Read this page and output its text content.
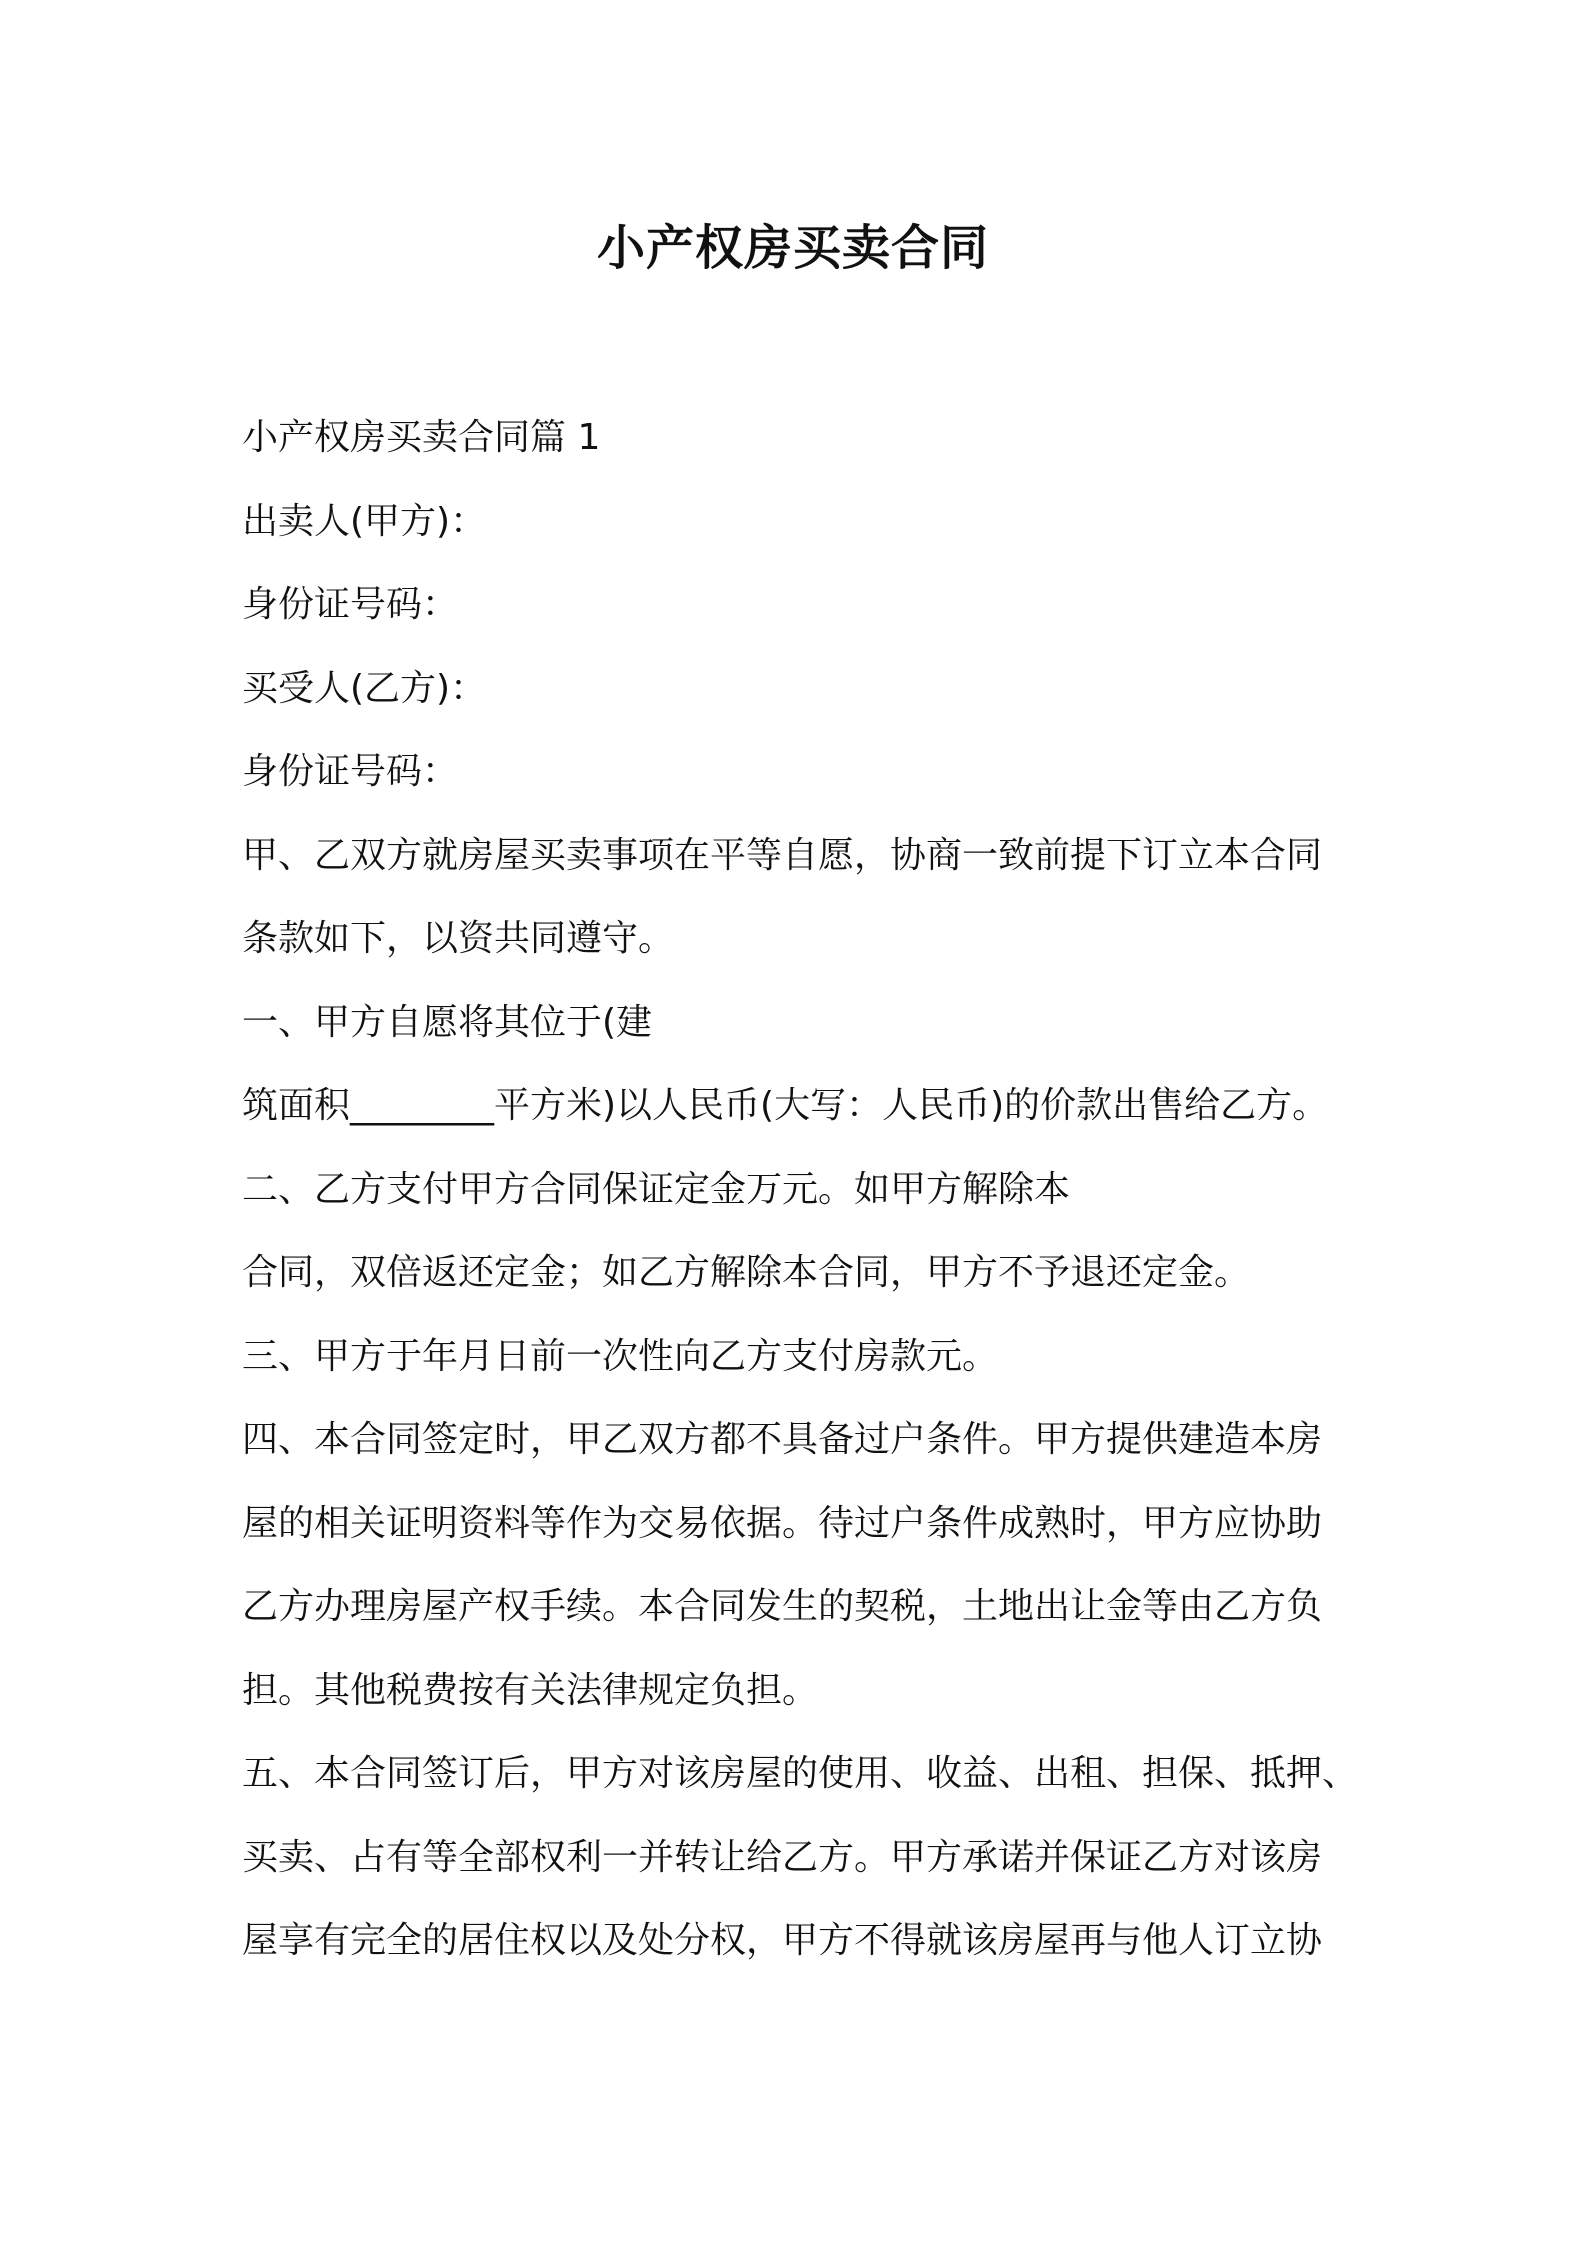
小产权房买卖合同

小产权房买卖合同篇 1

出卖人(甲方)：

身份证号码：

买受人(乙方)：

身份证号码：

甲、乙双方就房屋买卖事项在平等自愿，协商一致前提下订立本合同

条款如下，以资共同遵守。

一、甲方自愿将其位于(建

筑面积________平方米)以人民币(大写：人民币)的价款出售给乙方。

二、乙方支付甲方合同保证定金万元。如甲方解除本

合同，双倍返还定金；如乙方解除本合同，甲方不予退还定金。

三、甲方于年月日前一次性向乙方支付房款元。

四、本合同签定时，甲乙双方都不具备过户条件。甲方提供建造本房

屋的相关证明资料等作为交易依据。待过户条件成熟时，甲方应协助

乙方办理房屋产权手续。本合同发生的契税，土地出让金等由乙方负

担。其他税费按有关法律规定负担。

五、本合同签订后，甲方对该房屋的使用、收益、出租、担保、抵押、

买卖、占有等全部权利一并转让给乙方。甲方承诺并保证乙方对该房

屋享有完全的居住权以及处分权，甲方不得就该房屋再与他人订立协
